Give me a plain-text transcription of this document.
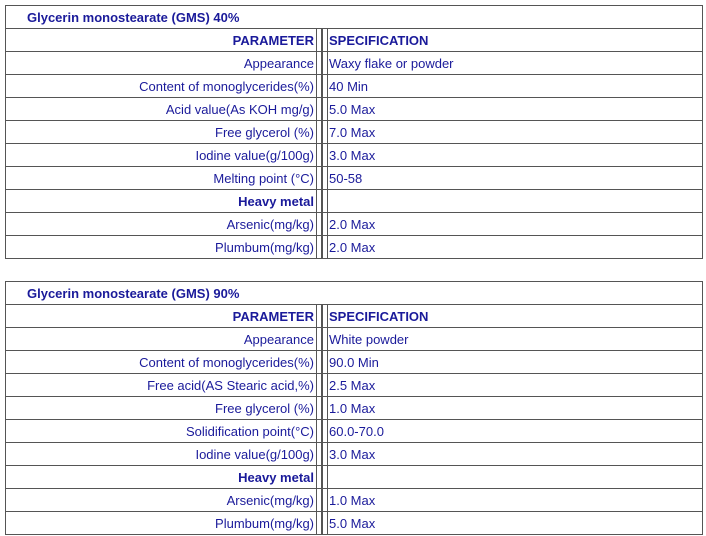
Glycerin monostearate (GMS) 40%
PARAMETER SPECIFICATION
Appearance Waxy flake or powder
Content of monoglycerides(%) 40 Min
Acid value(As KOH mg/g) 5.0 Max
Free glycerol (%) 7.0 Max
Iodine value(g/100g) 3.0 Max
Melting point (°C) 50-58
Heavy metal
Arsenic(mg/kg) 2.0 Max
Plumbum(mg/kg) 2.0 Max
Glycerin monostearate (GMS) 90%
PARAMETER SPECIFICATION
Appearance White powder
Content of monoglycerides(%) 90.0 Min
Free acid(AS Stearic acid,%) 2.5 Max
Free glycerol (%) 1.0 Max
Solidification point(°C) 60.0-70.0
Iodine value(g/100g) 3.0 Max
Heavy metal
Arsenic(mg/kg) 1.0 Max
Plumbum(mg/kg) 5.0 Max
